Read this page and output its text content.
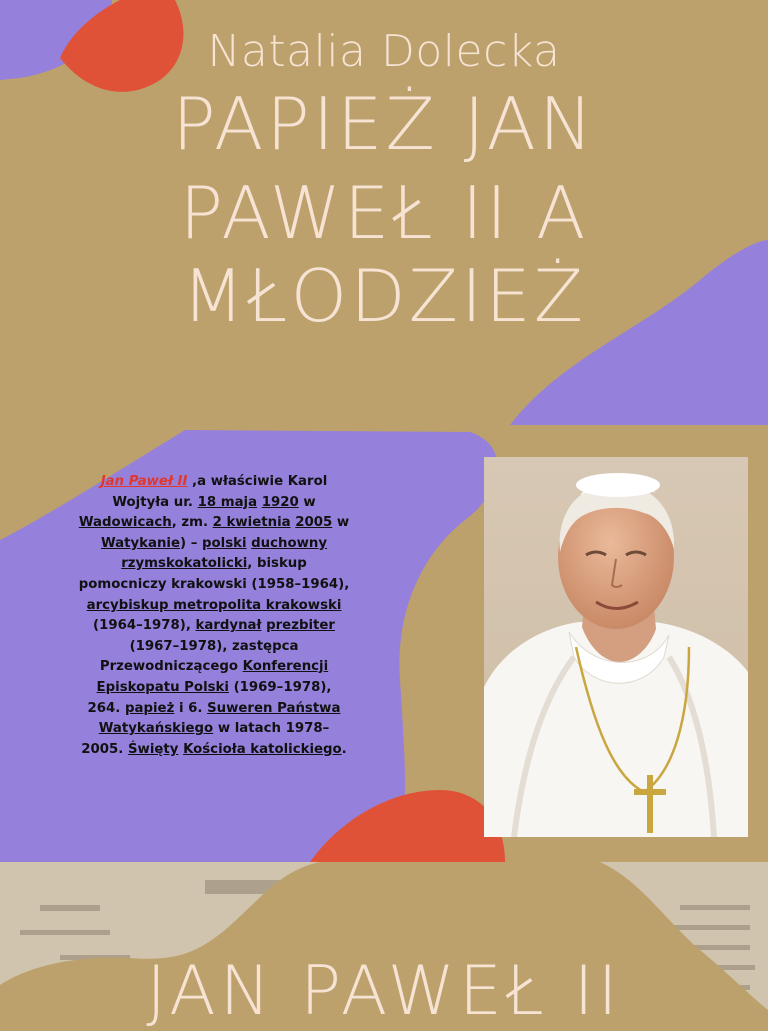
Natalia Dolecka
PAPIEŻ JAN
PAWEŁ II A
MŁODZIEŻ
Jan Paweł II ,a właściwie Karol Wojtyła ur. 18 maja 1920 w Wadowicach, zm. 2 kwietnia 2005 w Watykanie) – polski duchowny rzymskokatolicki, biskup pomocniczy krakowski (1958–1964), arcybiskup metropolita krakowski (1964–1978), kardynał prezbiter (1967–1978), zastępca Przewodniczącego Konferencji Episkopatu Polski (1969–1978), 264. papież i 6. Suweren Państwa Watykańskiego w latach 1978–2005. Święty Kościoła katolickiego.
JAN PAWEŁ II
